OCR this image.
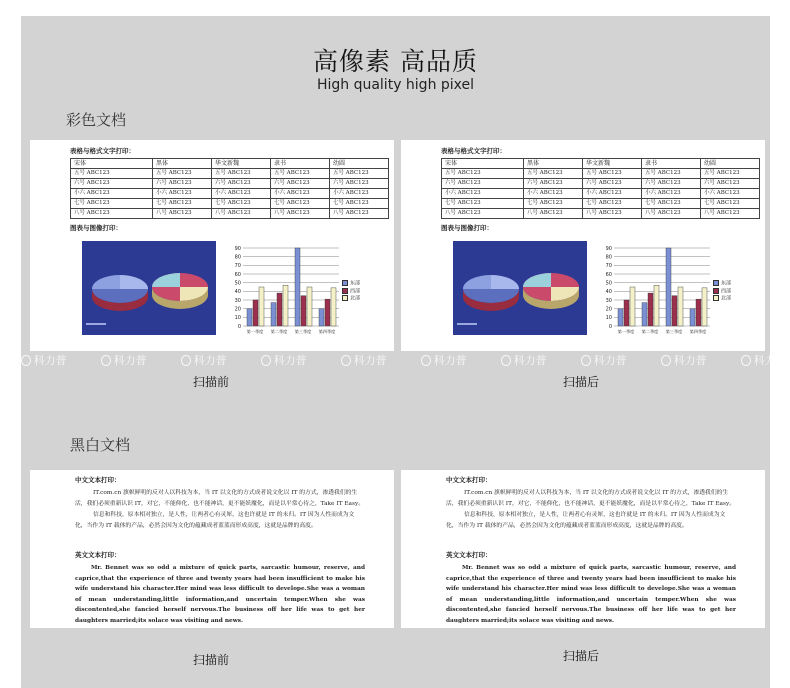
高像素 高品质
High quality high pixel
彩色文档
黑白文档
表格与格式文字打印：
宋体	黑体	华文新魏	隶书	幼圆
五号 ABC123	五号 ABC123	五号 ABC123	五号 ABC123	五号 ABC123
六号 ABC123	六号 ABC123	六号 ABC123	六号 ABC123	六号 ABC123
小六 ABC123	小六 ABC123	小六 ABC123	小六 ABC123	小六 ABC123
七号 ABC123	七号 ABC123	七号 ABC123	七号 ABC123	七号 ABC123
八号 ABC123	八号 ABC123	八号 ABC123	八号 ABC123	八号 ABC123
图表与图像打印：
90
80
70
60
50
40
30
20
10
0
第一季度 第二季度 第三季度 第四季度
东部
西部
北部
表格与格式文字打印：
宋体	黑体	华文新魏	隶书	幼圆
五号 ABC123	五号 ABC123	五号 ABC123	五号 ABC123	五号 ABC123
六号 ABC123	六号 ABC123	六号 ABC123	六号 ABC123	六号 ABC123
小六 ABC123	小六 ABC123	小六 ABC123	小六 ABC123	小六 ABC123
七号 ABC123	七号 ABC123	七号 ABC123	七号 ABC123	七号 ABC123
八号 ABC123	八号 ABC123	八号 ABC123	八号 ABC123	八号 ABC123
图表与图像打印：
90
80
70
60
50
40
30
20
10
0
第一季度 第二季度 第三季度 第四季度
东部
西部
北部
科力普	科力普	科力普	科力普	科力普	科力普	科力普	科力普	科力普	科力普
扫描前	扫描后
中文文本打印：
IT.com.cn 旗帜鲜明的反对人以科技为本，当 IT 以文化的方式成者说文化以 IT 的方式，渗透我们的生活，我们必须重新认识 IT，对它，不能仰化，也不能神话，更不能妖魔化，而是以平常心待之，Take IT Easy。
信息和科技，原本相对独立，是人性，让两者心有灵犀，这也许就是 IT 的未归。IT 因为人性而成为文化，当作为 IT 载体的产品，必然会因为文化的蕴藏成者蓝蓝而形成高度，这就是品牌的高度。
英文文本打印：
Mr. Bennet was so odd a mixture of quick parts, sarcastic humour, reserve, and caprice,that the experience of three and twenty years had been insufficient to make his wife understand his character.Her mind was less difficult to develope.She was a woman of mean understanding,little information,and uncertain temper.When she was discontented,she fancied herself nervous.The business off her life was to get her daughters married;its solace was visiting and news.
中文文本打印：
IT.com.cn 旗帜鲜明的反对人以科技为本，当 IT 以文化的方式成者说文化以 IT 的方式，渗透我们的生活，我们必须重新认识 IT，对它，不能仰化，也不能神话，更不能妖魔化，而是以平常心待之，Take IT Easy。
信息和科技，原本相对独立，是人性，让两者心有灵犀，这也许就是 IT 的未归。IT 因为人性而成为文化，当作为 IT 载体的产品，必然会因为文化的蕴藏成者蓝蓝而形成高度，这就是品牌的高度。
英文文本打印：
Mr. Bennet was so odd a mixture of quick parts, sarcastic humour, reserve, and caprice,that the experience of three and twenty years had been insufficient to make his wife understand his character.Her mind was less difficult to develope.She was a woman of mean understanding,little information,and uncertain temper.When she was discontented,she fancied herself nervous.The business off her life was to get her daughters married;its solace was visiting and news.
扫描前	扫描后
